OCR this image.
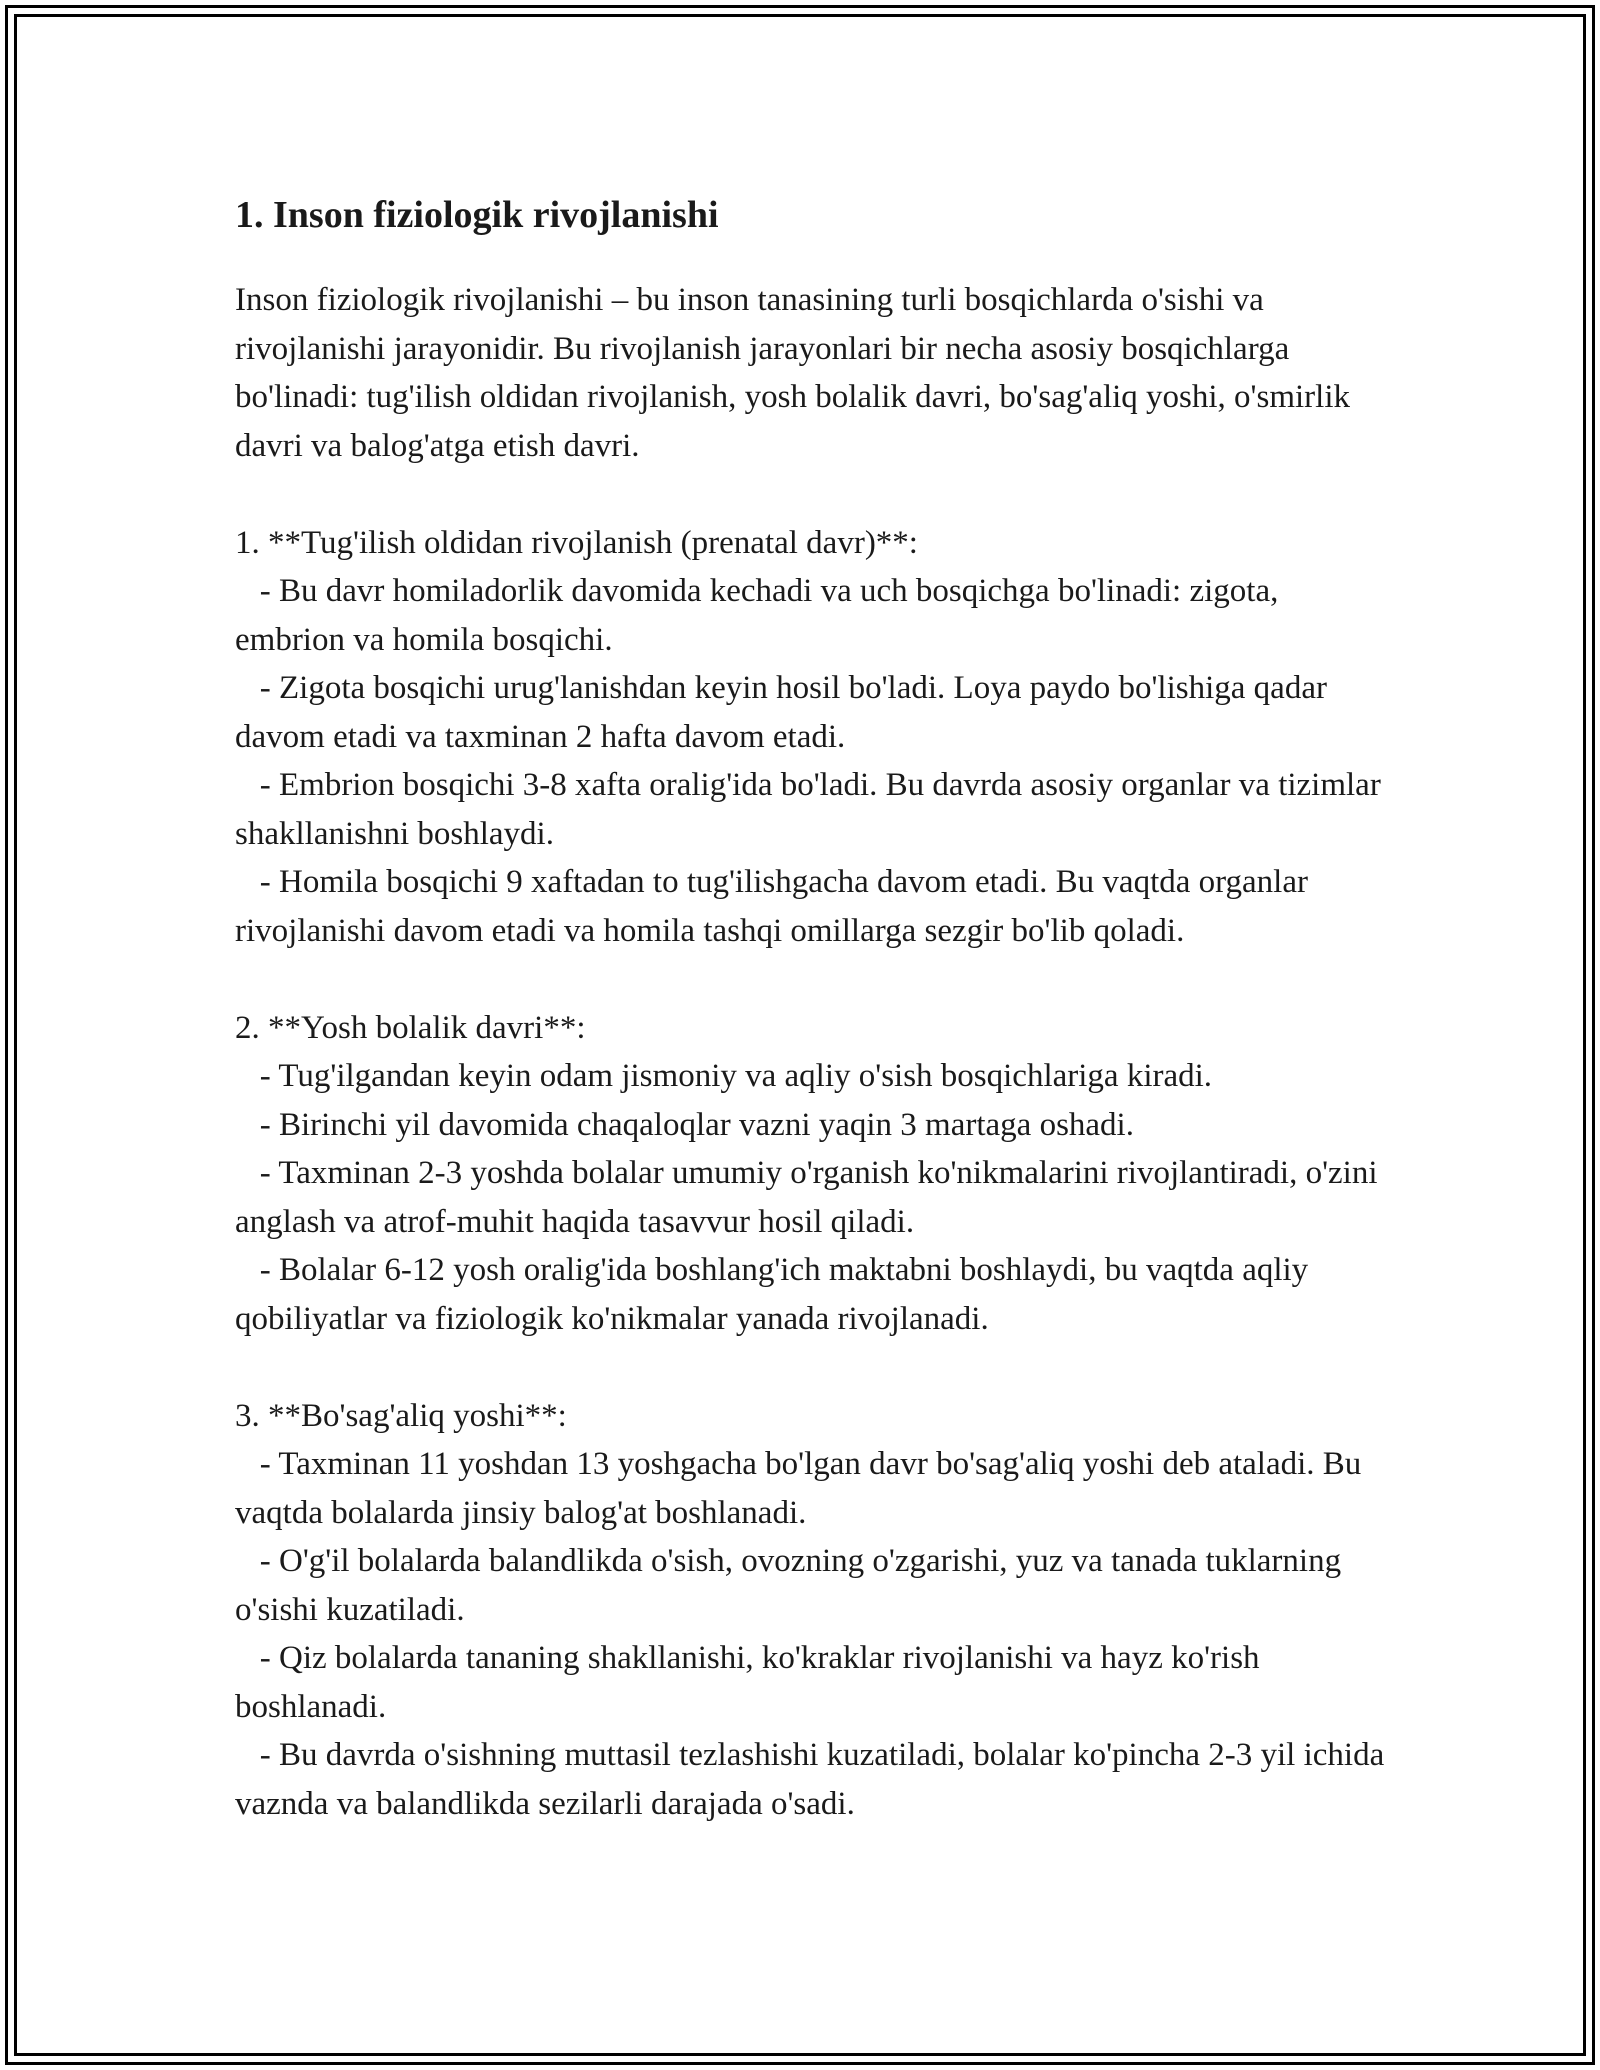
1. Inson fiziologik rivojlanishi

Inson fiziologik rivojlanishi – bu inson tanasining turli bosqichlarda o'sishi va rivojlanishi jarayonidir. Bu rivojlanish jarayonlari bir necha asosiy bosqichlarga bo'linadi: tug'ilish oldidan rivojlanish, yosh bolalik davri, bo'sag'aliq yoshi, o'smirlik davri va balog'atga etish davri.

1. **Tug'ilish oldidan rivojlanish (prenatal davr)**:
- Bu davr homiladorlik davomida kechadi va uch bosqichga bo'linadi: zigota, embrion va homila bosqichi.
- Zigota bosqichi urug'lanishdan keyin hosil bo'ladi. Loya paydo bo'lishiga qadar davom etadi va taxminan 2 hafta davom etadi.
- Embrion bosqichi 3-8 xafta oralig'ida bo'ladi. Bu davrda asosiy organlar va tizimlar shakllanishni boshlaydi.
- Homila bosqichi 9 xaftadan to tug'ilishgacha davom etadi. Bu vaqtda organlar rivojlanishi davom etadi va homila tashqi omillarga sezgir bo'lib qoladi.

2. **Yosh bolalik davri**:
- Tug'ilgandan keyin odam jismoniy va aqliy o'sish bosqichlariga kiradi.
- Birinchi yil davomida chaqaloqlar vazni yaqin 3 martaga oshadi.
- Taxminan 2-3 yoshda bolalar umumiy o'rganish ko'nikmalarini rivojlantiradi, o'zini anglash va atrof-muhit haqida tasavvur hosil qiladi.
- Bolalar 6-12 yosh oralig'ida boshlang'ich maktabni boshlaydi, bu vaqtda aqliy qobiliyatlar va fiziologik ko'nikmalar yanada rivojlanadi.

3. **Bo'sag'aliq yoshi**:
- Taxminan 11 yoshdan 13 yoshgacha bo'lgan davr bo'sag'aliq yoshi deb ataladi. Bu vaqtda bolalarda jinsiy balog'at boshlanadi.
- O'g'il bolalarda balandlikda o'sish, ovozning o'zgarishi, yuz va tanada tuklarning o'sishi kuzatiladi.
- Qiz bolalarda tananing shakllanishi, ko'kraklar rivojlanishi va hayz ko'rish boshlanadi.
- Bu davrda o'sishning muttasil tezlashishi kuzatiladi, bolalar ko'pincha 2-3 yil ichida vaznda va balandlikda sezilarli darajada o'sadi.
